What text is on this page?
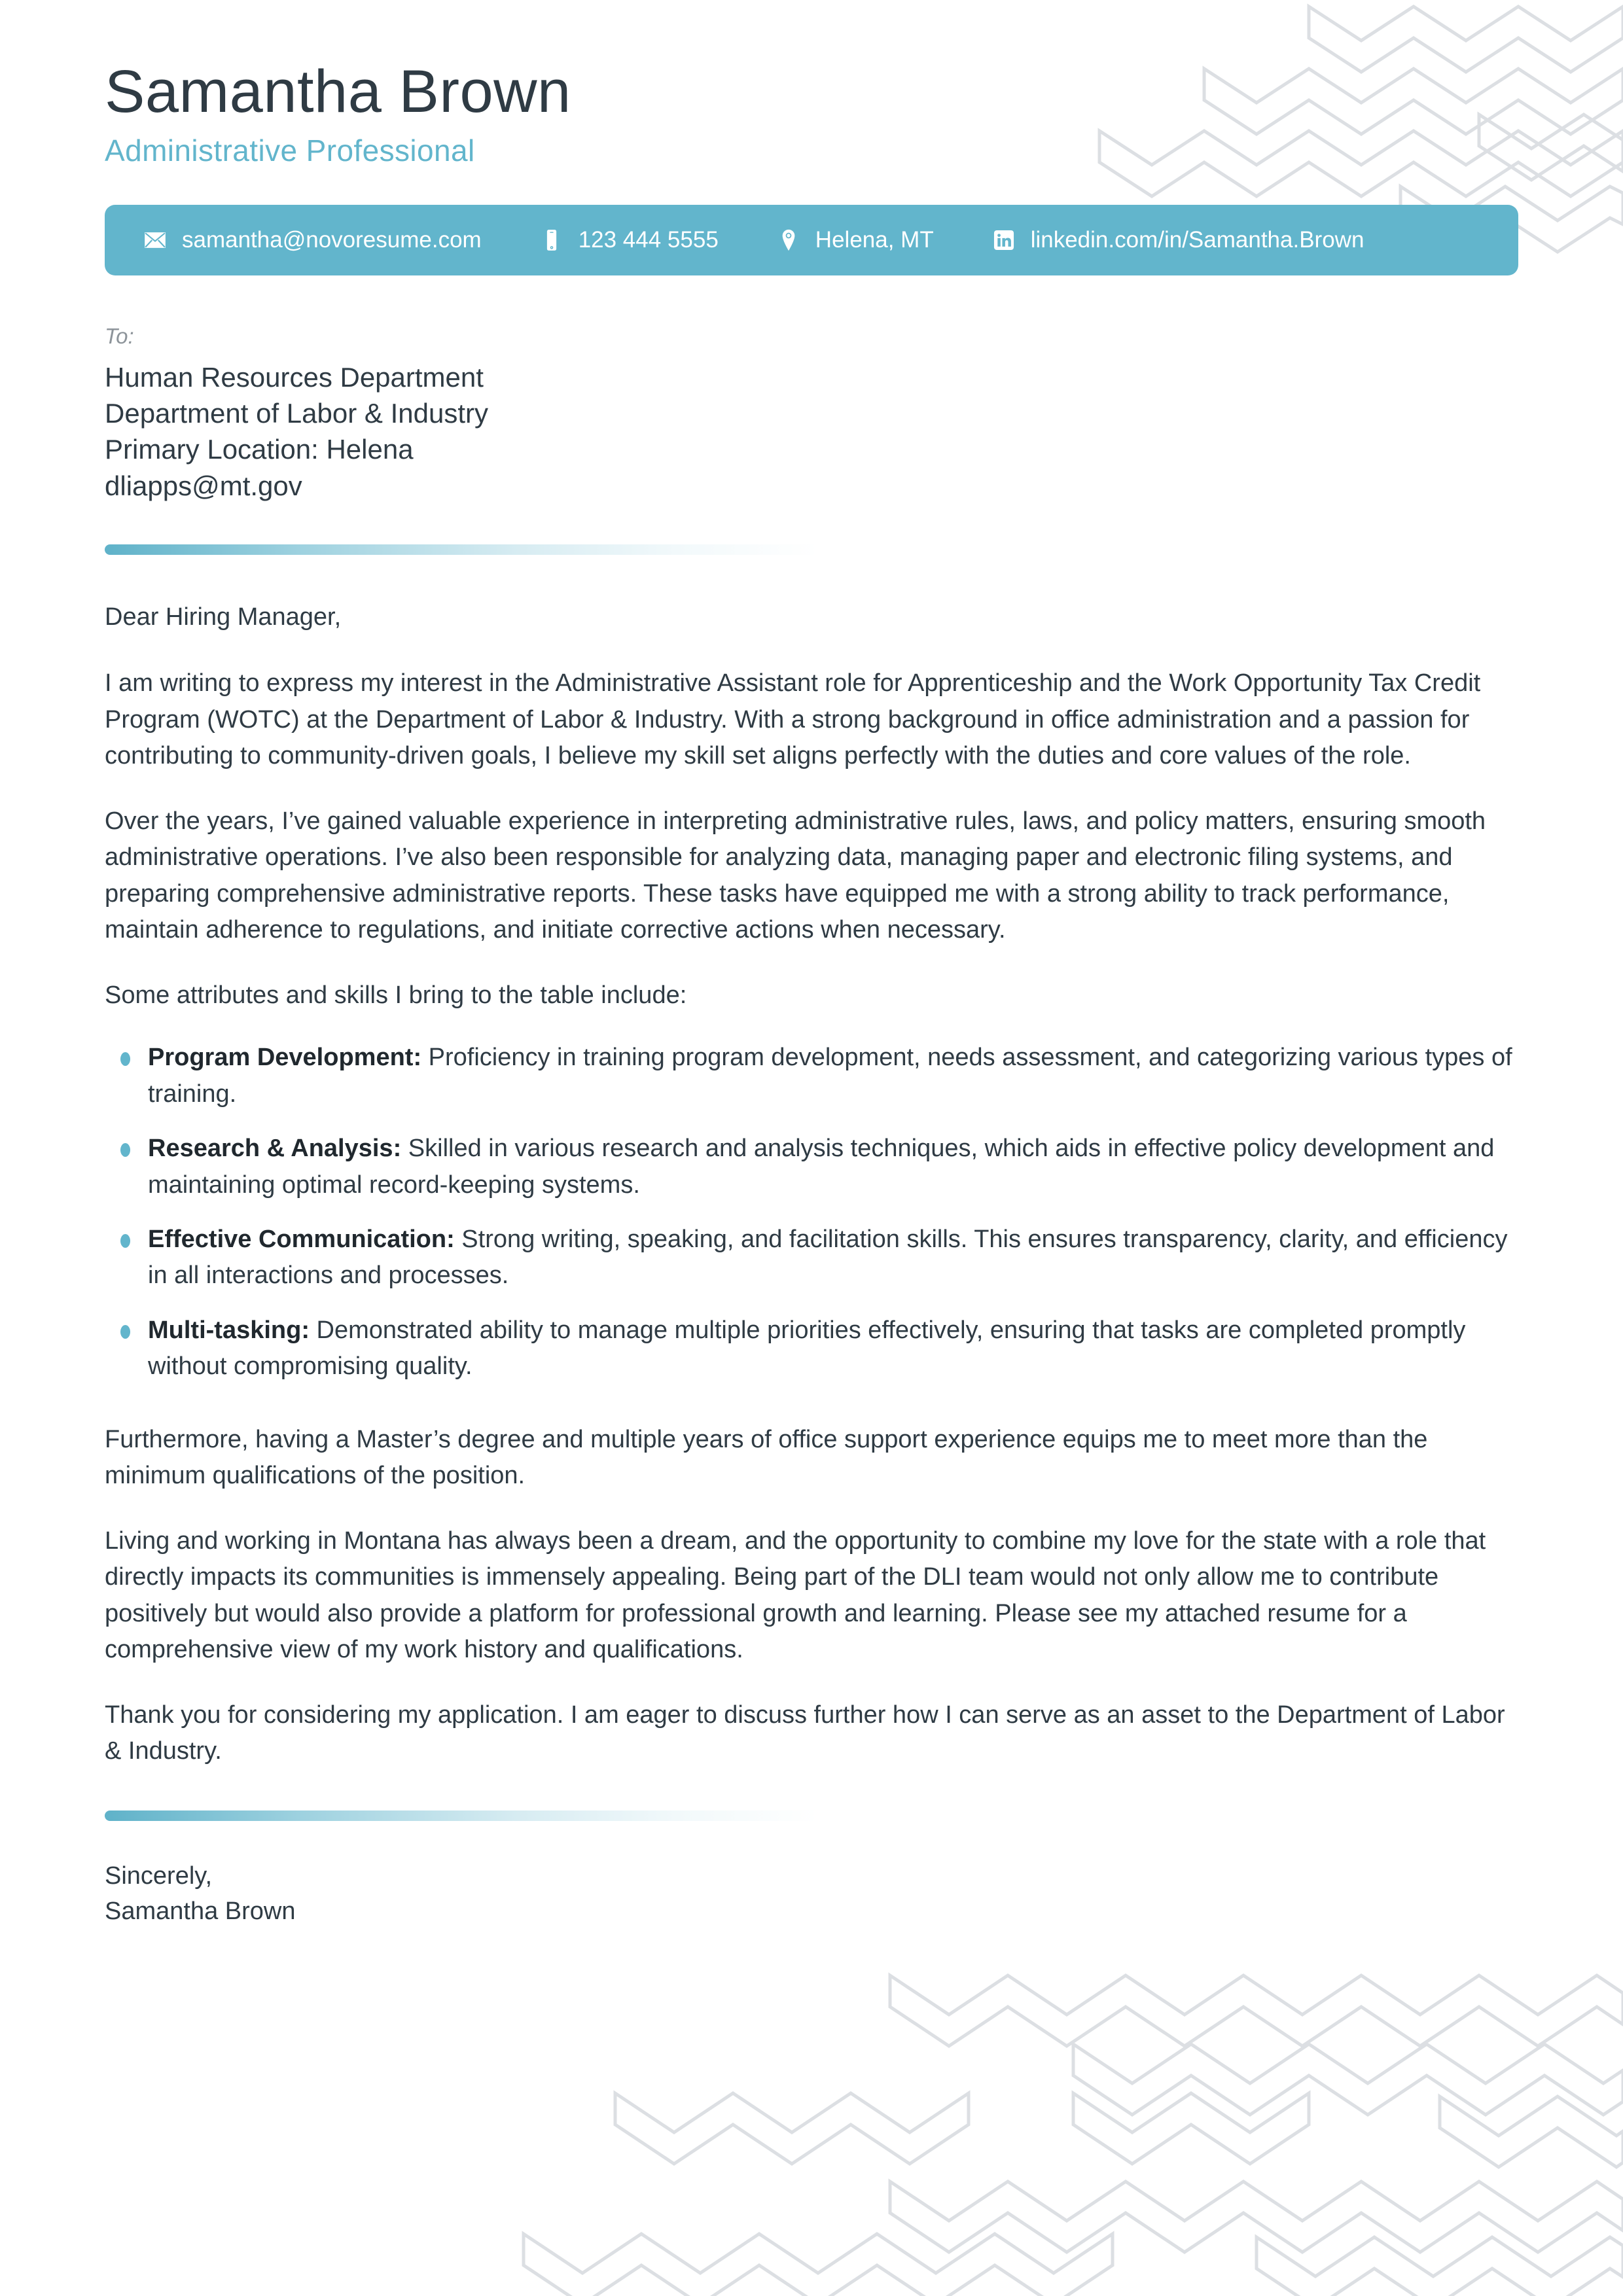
Samantha Brown
Administrative Professional
samantha@novoresume.com	123 444 5555	Helena, MT	linkedin.com/in/Samantha.Brown
To:
Human Resources Department
Department of Labor & Industry
Primary Location: Helena
dliapps@mt.gov
Dear Hiring Manager,

I am writing to express my interest in the Administrative Assistant role for Apprenticeship and the Work Opportunity Tax Credit Program (WOTC) at the Department of Labor & Industry. With a strong background in office administration and a passion for contributing to community-driven goals, I believe my skill set aligns perfectly with the duties and core values of the role.

Over the years, I’ve gained valuable experience in interpreting administrative rules, laws, and policy matters, ensuring smooth administrative operations. I’ve also been responsible for analyzing data, managing paper and electronic filing systems, and preparing comprehensive administrative reports. These tasks have equipped me with a strong ability to track performance, maintain adherence to regulations, and initiate corrective actions when necessary.

Some attributes and skills I bring to the table include:

Program Development: Proficiency in training program development, needs assessment, and categorizing various types of training.
Research & Analysis: Skilled in various research and analysis techniques, which aids in effective policy development and maintaining optimal record-keeping systems.
Effective Communication: Strong writing, speaking, and facilitation skills. This ensures transparency, clarity, and efficiency in all interactions and processes.
Multi-tasking: Demonstrated ability to manage multiple priorities effectively, ensuring that tasks are completed promptly without compromising quality.

Furthermore, having a Master’s degree and multiple years of office support experience equips me to meet more than the minimum qualifications of the position.

Living and working in Montana has always been a dream, and the opportunity to combine my love for the state with a role that directly impacts its communities is immensely appealing. Being part of the DLI team would not only allow me to contribute positively but would also provide a platform for professional growth and learning. Please see my attached resume for a comprehensive view of my work history and qualifications.

Thank you for considering my application. I am eager to discuss further how I can serve as an asset to the Department of Labor & Industry.

Sincerely,
Samantha Brown
